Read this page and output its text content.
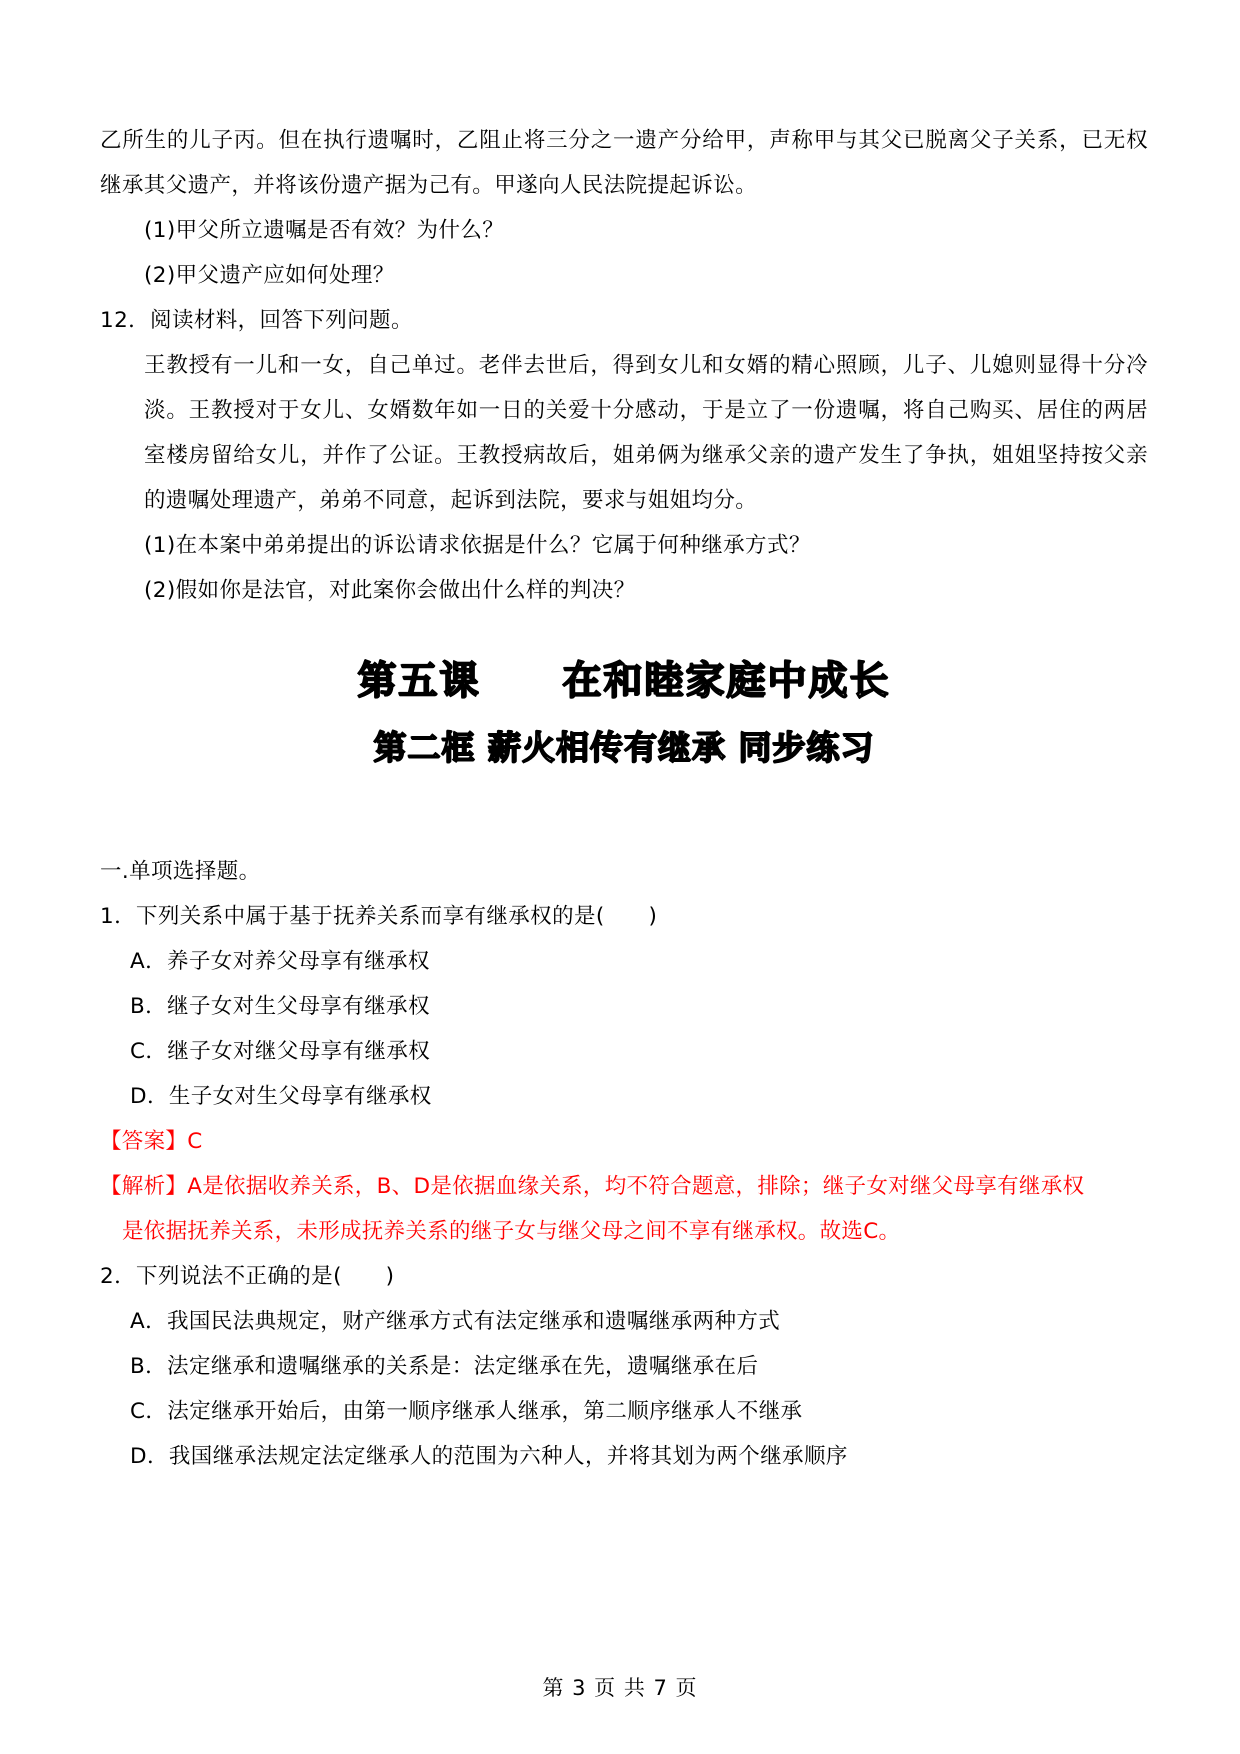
乙所生的儿子丙。但在执行遗嘱时，乙阻止将三分之一遗产分给甲，声称甲与其父已脱离父子关系，已无权继承其父遗产，并将该份遗产据为己有。甲遂向人民法院提起诉讼。

(1)甲父所立遗嘱是否有效？为什么？

(2)甲父遗产应如何处理？

12．阅读材料，回答下列问题。

王教授有一儿和一女，自己单过。老伴去世后，得到女儿和女婿的精心照顾，儿子、儿媳则显得十分冷淡。王教授对于女儿、女婿数年如一日的关爱十分感动，于是立了一份遗嘱，将自己购买、居住的两居室楼房留给女儿，并作了公证。王教授病故后，姐弟俩为继承父亲的遗产发生了争执，姐姐坚持按父亲的遗嘱处理遗产，弟弟不同意，起诉到法院，要求与姐姐均分。

(1)在本案中弟弟提出的诉讼请求依据是什么？它属于何种继承方式？

(2)假如你是法官，对此案你会做出什么样的判决？

第五课　　在和睦家庭中成长
第二框 薪火相传有继承 同步练习

一.单项选择题。

1．下列关系中属于基于抚养关系而享有继承权的是(　　)

A．养子女对养父母享有继承权

B．继子女对生父母享有继承权

C．继子女对继父母享有继承权

D．生子女对生父母享有继承权

【答案】C

【解析】A是依据收养关系，B、D是依据血缘关系，均不符合题意，排除；继子女对继父母享有继承权

是依据抚养关系，未形成抚养关系的继子女与继父母之间不享有继承权。故选C。

2．下列说法不正确的是(　　)

A．我国民法典规定，财产继承方式有法定继承和遗嘱继承两种方式

B．法定继承和遗嘱继承的关系是：法定继承在先，遗嘱继承在后

C．法定继承开始后，由第一顺序继承人继承，第二顺序继承人不继承

D．我国继承法规定法定继承人的范围为六种人，并将其划为两个继承顺序

第 3 页 共 7 页
